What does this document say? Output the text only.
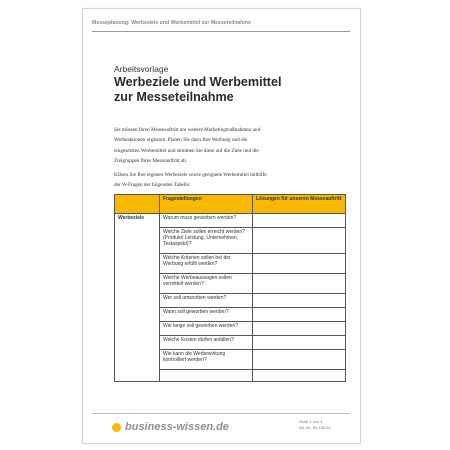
Messeplanung: Werbeziele und Werbemittel zur Messeteilnahme
Arbeitsvorlage
Werbeziele und Werbemittel
zur Messeteilnahme

Sie müssen Ihren Messeauftritt um weitere Marketingmaßnahmen und
Werbeaktionen ergänzen. Planen Sie dazu Ihre Werbung und die
eingesetzten Werbemittel und stimmen Sie diese auf die Ziele und die
Zielgruppen Ihres Messeauftritt ab.

Klären Sie Ihre eigenen Werbeziele sowie geeignete Werbemittel mithilfe
der W-Fragen der folgenden Tabelle:

	Fragestellungen	Lösungen für unseren Messeauftritt
Werbeziele	Warum muss geworben werden?	

	Welche Ziele sollen erreicht werden?
(Produkt/ Leistung, Unternehmen,
Testaspekt)?	

	Welche Kriterien sollen bei der
Werbung erfüllt werden?	

	Welche Werbeaussagen sollen
vermittelt werden?	

	Wer soll umworben werden?	

	Wann soll geworben werden?	

	Wie lange soll geworben werden?	

	Welche Kosten dürfen anfallen?	

	Wie kann die Werbewirkung
kontrolliert werden?	

business-wissen.de	Seite 1 von 4
Art.-Nr. 99.156.04
